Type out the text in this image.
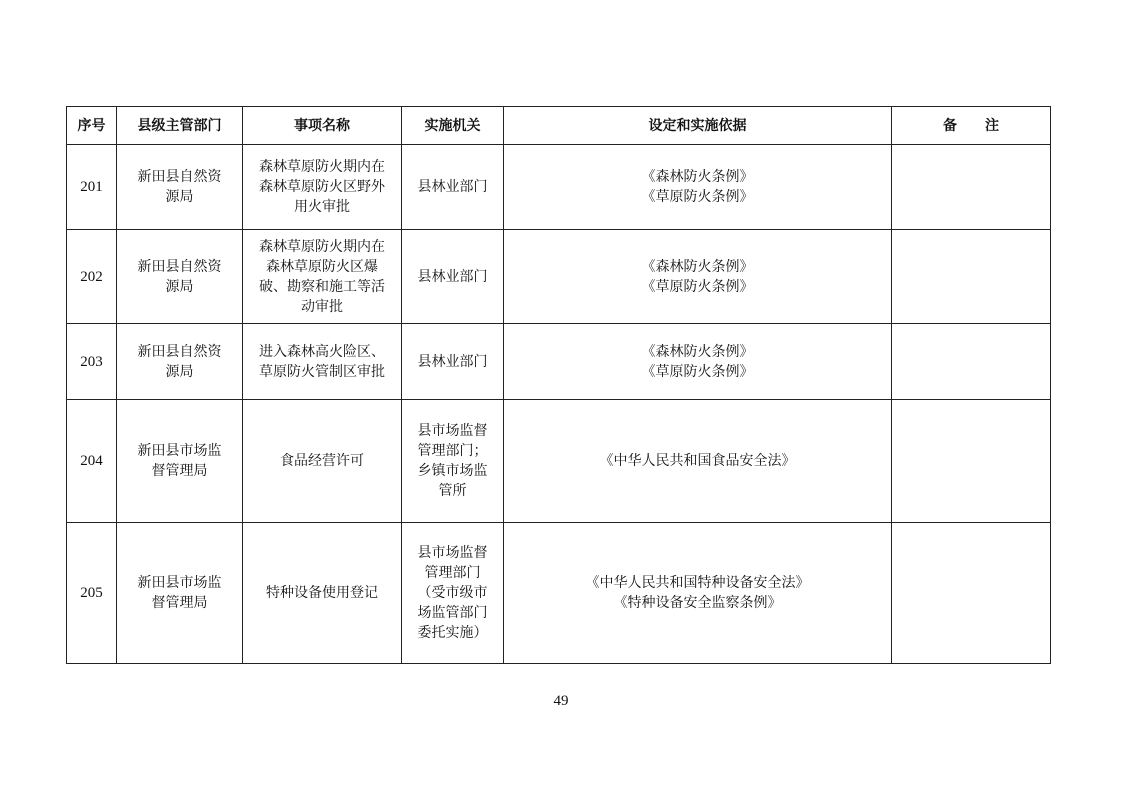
序号	县级主管部门	事项名称	实施机关	设定和实施依据	备　　注
201	新田县自然资
源局	森林草原防火期内在
森林草原防火区野外
用火审批	县林业部门	《森林防火条例》
《草原防火条例》	

202	新田县自然资
源局	森林草原防火期内在
森林草原防火区爆
破、勘察和施工等活
动审批	县林业部门	《森林防火条例》
《草原防火条例》	

203	新田县自然资
源局	进入森林高火险区、
草原防火管制区审批	县林业部门	《森林防火条例》
《草原防火条例》	

204	新田县市场监
督管理局	食品经营许可	县市场监督
管理部门；
乡镇市场监
管所	《中华人民共和国食品安全法》	

205	新田县市场监
督管理局	特种设备使用登记	县市场监督
管理部门
（受市级市
场监管部门
委托实施）	《中华人民共和国特种设备安全法》
《特种设备安全监察条例》	

49
